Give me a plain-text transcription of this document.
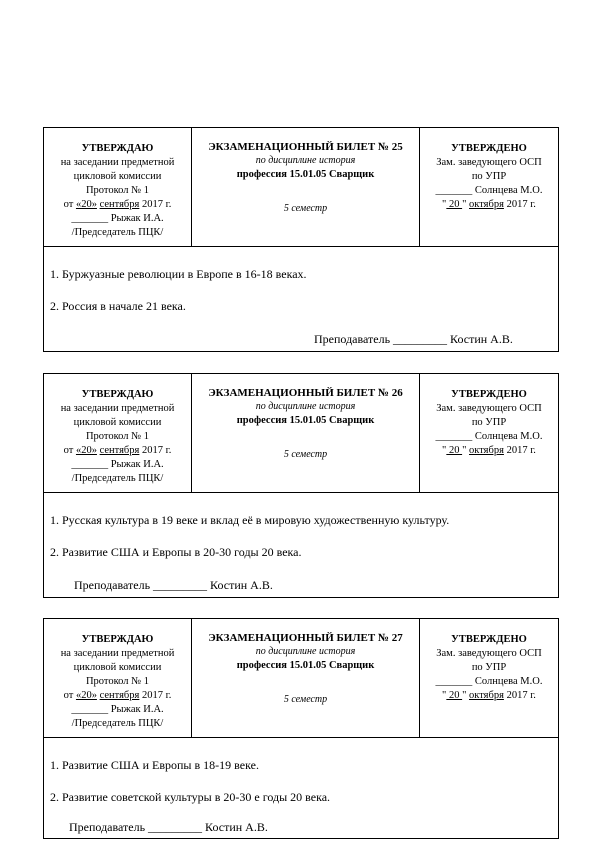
УТВЕРЖДАЮ
на заседании предметной
цикловой комиссии
Протокол № 1
от «20» сентября 2017 г.
_______ Рыжак И.А.
/Председатель ПЦК/
ЭКЗАМЕНАЦИОННЫЙ БИЛЕТ № 25
по дисциплине история
профессия 15.01.05 Сварщик
5 семестр
УТВЕРЖДЕНО
Зам. заведующего ОСП
по УПР
_______ Солнцева М.О.
" 20 " октября 2017 г.
1. Буржуазные революции в Европе в 16-18 веках.
2. Россия в начале 21 века.
Преподаватель _________ Костин А.В.
УТВЕРЖДАЮ
на заседании предметной
цикловой комиссии
Протокол № 1
от «20» сентября 2017 г.
_______ Рыжак И.А.
/Председатель ПЦК/
ЭКЗАМЕНАЦИОННЫЙ БИЛЕТ № 26
по дисциплине история
профессия 15.01.05 Сварщик
5 семестр
УТВЕРЖДЕНО
Зам. заведующего ОСП
по УПР
_______ Солнцева М.О.
" 20 " октября 2017 г.
1. Русская культура в 19 веке и вклад её в мировую художественную культуру.
2. Развитие США и Европы в 20-30 годы 20 века.
Преподаватель _________ Костин А.В.
УТВЕРЖДАЮ
на заседании предметной
цикловой комиссии
Протокол № 1
от «20» сентября 2017 г.
_______ Рыжак И.А.
/Председатель ПЦК/
ЭКЗАМЕНАЦИОННЫЙ БИЛЕТ № 27
по дисциплине история
профессия 15.01.05 Сварщик
5 семестр
УТВЕРЖДЕНО
Зам. заведующего ОСП
по УПР
_______ Солнцева М.О.
" 20 " октября 2017 г.
1. Развитие США и Европы в 18-19 веке.
2. Развитие советской культуры в 20-30 е годы 20 века.
Преподаватель _________ Костин А.В.
